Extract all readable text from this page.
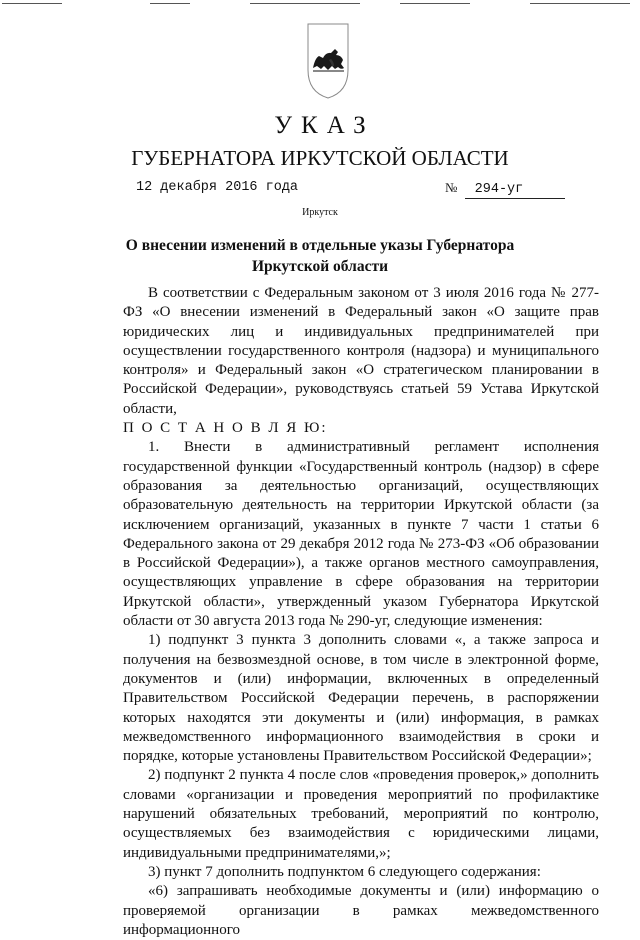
УКАЗ
ГУБЕРНАТОРА ИРКУТСКОЙ ОБЛАСТИ
12 декабря 2016 года	№ 294-уг
Иркутск
О внесении изменений в отдельные указы Губернатора
Иркутской области

В соответствии с Федеральным законом от 3 июля 2016 года № 277-ФЗ «О внесении изменений в Федеральный закон «О защите прав юридических лиц и индивидуальных предпринимателей при осуществлении государственного контроля (надзора) и муниципального контроля» и Федеральный закон «О стратегическом планировании в Российской Федерации», руководствуясь статьей 59 Устава Иркутской области,

П О С Т А Н О В Л Я Ю:

1. Внести в административный регламент исполнения государственной функции «Государственный контроль (надзор) в сфере образования за деятельностью организаций, осуществляющих образовательную деятельность на территории Иркутской области (за исключением организаций, указанных в пункте 7 части 1 статьи 6 Федерального закона от 29 декабря 2012 года № 273-ФЗ «Об образовании в Российской Федерации»), а также органов местного самоуправления, осуществляющих управление в сфере образования на территории Иркутской области», утвержденный указом Губернатора Иркутской области от 30 августа 2013 года № 290-уг, следующие изменения:

1) подпункт 3 пункта 3 дополнить словами «, а также запроса и получения на безвозмездной основе, в том числе в электронной форме, документов и (или) информации, включенных в определенный Правительством Российской Федерации перечень, в распоряжении которых находятся эти документы и (или) информация, в рамках межведомственного информационного взаимодействия в сроки и порядке, которые установлены Правительством Российской Федерации»;

2) подпункт 2 пункта 4 после слов «проведения проверок,» дополнить словами «организации и проведения мероприятий по профилактике нарушений обязательных требований, мероприятий по контролю, осуществляемых без взаимодействия с юридическими лицами, индивидуальными предпринимателями,»;

3) пункт 7 дополнить подпунктом 6 следующего содержания:

«6) запрашивать необходимые документы и (или) информацию о проверяемой организации в рамках межведомственного информационного
